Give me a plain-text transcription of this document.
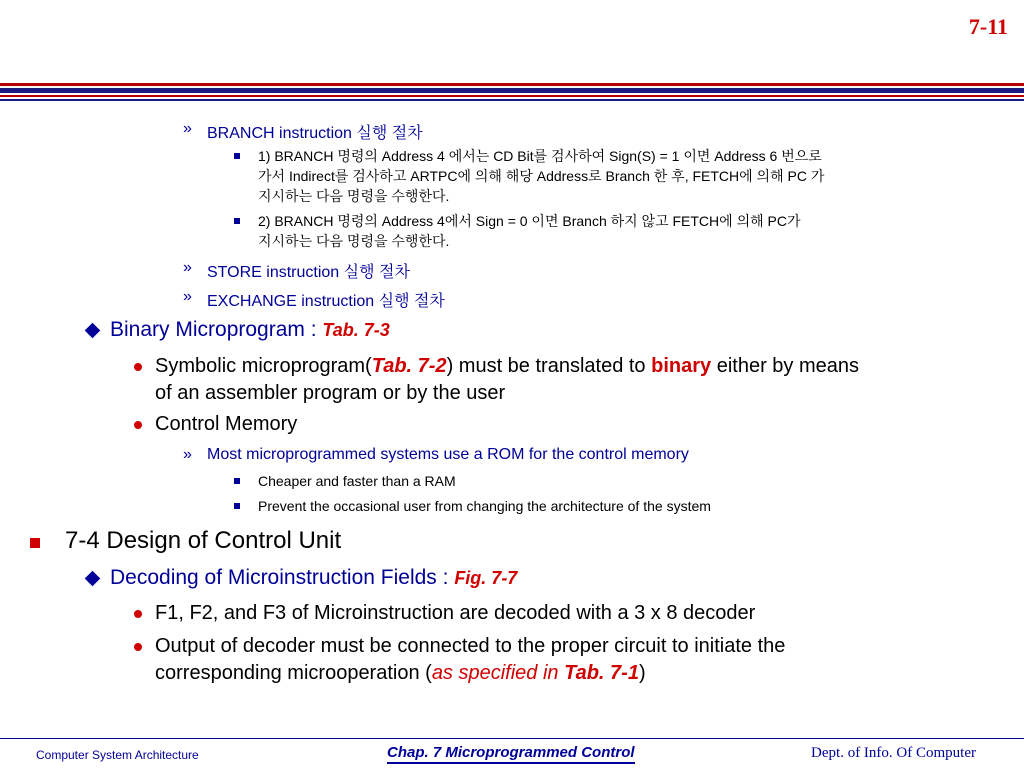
7-11
» BRANCH instruction 실행 절차
1) BRANCH 명령의 Address 4 에서는 CD Bit를 검사하여 Sign(S) = 1 이면 Address 6 번으로
가서 Indirect를 검사하고 ARTPC에 의해 해당 Address로 Branch 한 후, FETCH에 의해 PC 가
지시하는 다음 명령을 수행한다.
2) BRANCH 명령의 Address 4에서 Sign = 0 이면 Branch 하지 않고 FETCH에 의해 PC가
지시하는 다음 명령을 수행한다.
» STORE instruction 실행 절차
» EXCHANGE instruction 실행 절차
Binary Microprogram : Tab. 7-3
Symbolic microprogram(Tab. 7-2) must be translated to binary either by means
of an assembler program or by the user
Control Memory
» Most microprogrammed systems use a ROM for the control memory
Cheaper and faster than a RAM
Prevent the occasional user from changing the architecture of the system
7-4 Design of Control Unit
Decoding of Microinstruction Fields : Fig. 7-7
F1, F2, and F3 of Microinstruction are decoded with a 3 x 8 decoder
Output of decoder must be connected to the proper circuit to initiate the
corresponding microoperation (as specified in Tab. 7-1)
Computer System Architecture	Chap. 7 Microprogrammed Control	Dept. of Info. Of Computer
